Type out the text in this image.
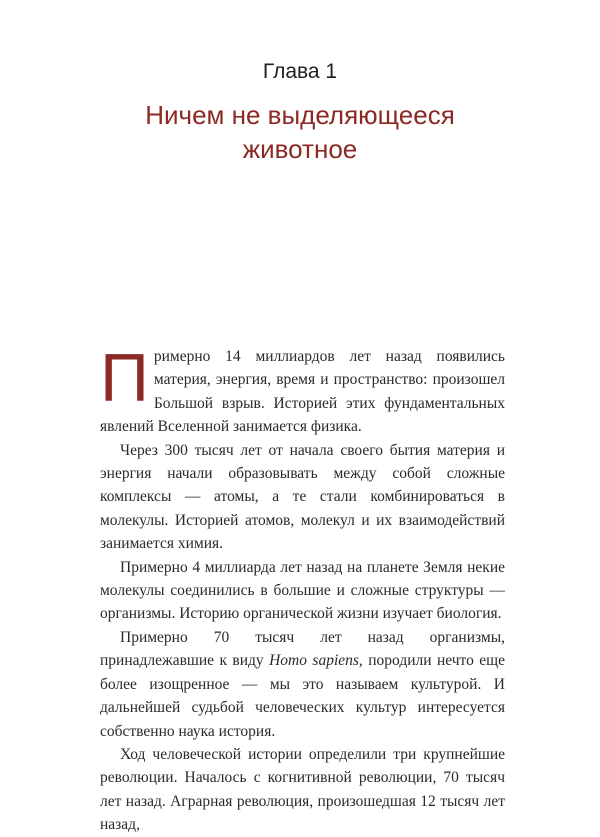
Глава 1
Ничем не выделяющееся
животное

Примерно 14 миллиардов лет назад появились материя, энергия, время и пространство: произошел Большой взрыв. Историей этих фундаментальных явлений Вселенной занимается физика.

Через 300 тысяч лет от начала своего бытия материя и энергия начали образовывать между собой сложные комплексы — атомы, а те стали комбинироваться в молекулы. Историей атомов, молекул и их взаимодействий занимается химия.

Примерно 4 миллиарда лет назад на планете Земля некие молекулы соединились в большие и сложные структуры — организмы. Историю органической жизни изучает биология.

Примерно 70 тысяч лет назад организмы, принадлежавшие к виду Homo sapiens, породили нечто еще более изощренное — мы это называем культурой. И дальнейшей судьбой человеческих культур интересуется собственно наука история.

Ход человеческой истории определили три крупнейшие революции. Началось с когнитивной революции, 70 тысяч лет назад. Аграрная революция, произошедшая 12 тысяч лет назад,
